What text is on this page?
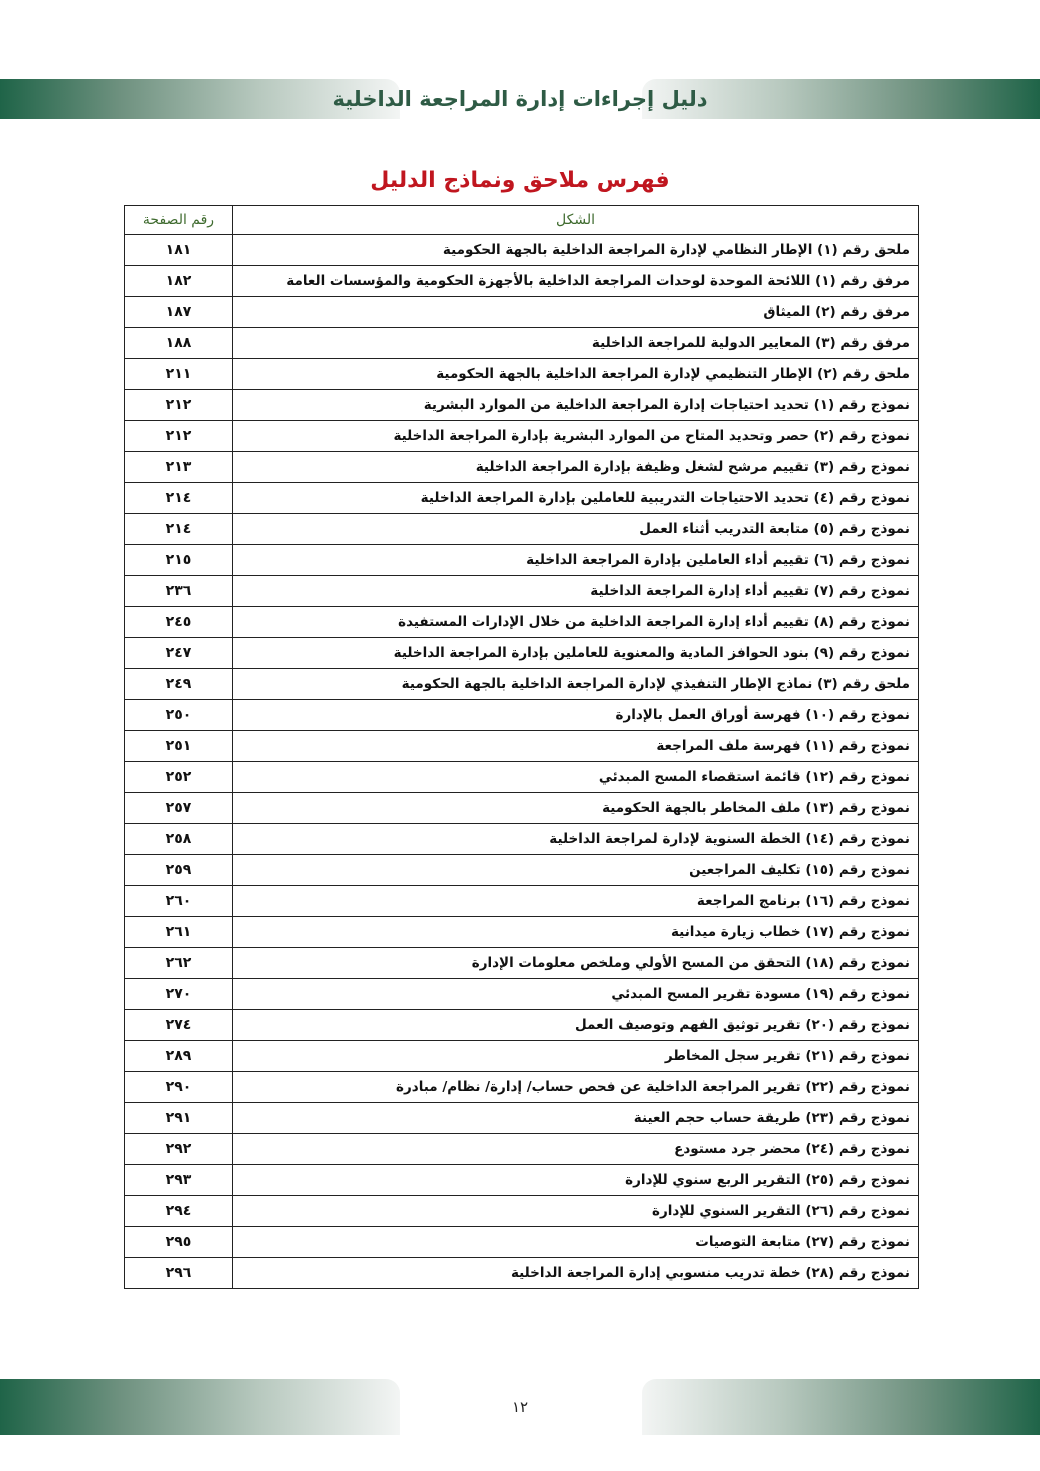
دليل إجراءات إدارة المراجعة الداخلية
فهرس ملاحق ونماذج الدليل
الشكل	رقم الصفحة
ملحق رقم (١) الإطار النظامي لإدارة المراجعة الداخلية بالجهة الحكومية	١٨١
مرفق رقم (١) اللائحة الموحدة لوحدات المراجعة الداخلية بالأجهزة الحكومية والمؤسسات العامة	١٨٢
مرفق رقم (٢) الميثاق	١٨٧
مرفق رقم (٣) المعايير الدولية للمراجعة الداخلية	١٨٨
ملحق رقم (٢) الإطار التنظيمي لإدارة المراجعة الداخلية بالجهة الحكومية	٢١١
نموذج رقم (١) تحديد احتياجات إدارة المراجعة الداخلية من الموارد البشرية	٢١٢
نموذج رقم (٢) حصر وتحديد المتاح من الموارد البشرية بإدارة المراجعة الداخلية	٢١٢
نموذج رقم (٣) تقييم مرشح لشغل وظيفة بإدارة المراجعة الداخلية	٢١٣
نموذج رقم (٤) تحديد الاحتياجات التدريبية للعاملين بإدارة المراجعة الداخلية	٢١٤
نموذج رقم (٥) متابعة التدريب أثناء العمل	٢١٤
نموذج رقم (٦) تقييم أداء العاملين بإدارة المراجعة الداخلية	٢١٥
نموذج رقم (٧) تقييم أداء إدارة المراجعة الداخلية	٢٣٦
نموذج رقم (٨) تقييم أداء إدارة المراجعة الداخلية من خلال الإدارات المستفيدة	٢٤٥
نموذج رقم (٩) بنود الحوافز المادية والمعنوية للعاملين بإدارة المراجعة الداخلية	٢٤٧
ملحق رقم (٣) نماذج الإطار التنفيذي لإدارة المراجعة الداخلية بالجهة الحكومية	٢٤٩
نموذج رقم (١٠) فهرسة أوراق العمل بالإدارة	٢٥٠
نموذج رقم (١١) فهرسة ملف المراجعة	٢٥١
نموذج رقم (١٢) قائمة استقصاء المسح المبدئي	٢٥٢
نموذج رقم (١٣) ملف المخاطر بالجهة الحكومية	٢٥٧
نموذج رقم (١٤) الخطة السنوية لإدارة لمراجعة الداخلية	٢٥٨
نموذج رقم (١٥) تكليف المراجعين	٢٥٩
نموذج رقم (١٦) برنامج المراجعة	٢٦٠
نموذج رقم (١٧) خطاب زيارة ميدانية	٢٦١
نموذج رقم (١٨) التحقق من المسح الأولي وملخص معلومات الإدارة	٢٦٢
نموذج رقم (١٩) مسودة تقرير المسح المبدئي	٢٧٠
نموذج رقم (٢٠) تقرير توثيق الفهم وتوصيف العمل	٢٧٤
نموذج رقم (٢١) تقرير سجل المخاطر	٢٨٩
نموذج رقم (٢٢) تقرير المراجعة الداخلية عن فحص حساب/ إدارة/ نظام/ مبادرة	٢٩٠
نموذج رقم (٢٣) طريقة حساب حجم العينة	٢٩١
نموذج رقم (٢٤) محضر جرد مستودع	٢٩٢
نموذج رقم (٢٥) التقرير الربع سنوي للإدارة	٢٩٣
نموذج رقم (٢٦) التقرير السنوي للإدارة	٢٩٤
نموذج رقم (٢٧) متابعة التوصيات	٢٩٥
نموذج رقم (٢٨) خطة تدريب منسوبي إدارة المراجعة الداخلية	٢٩٦
١٢
